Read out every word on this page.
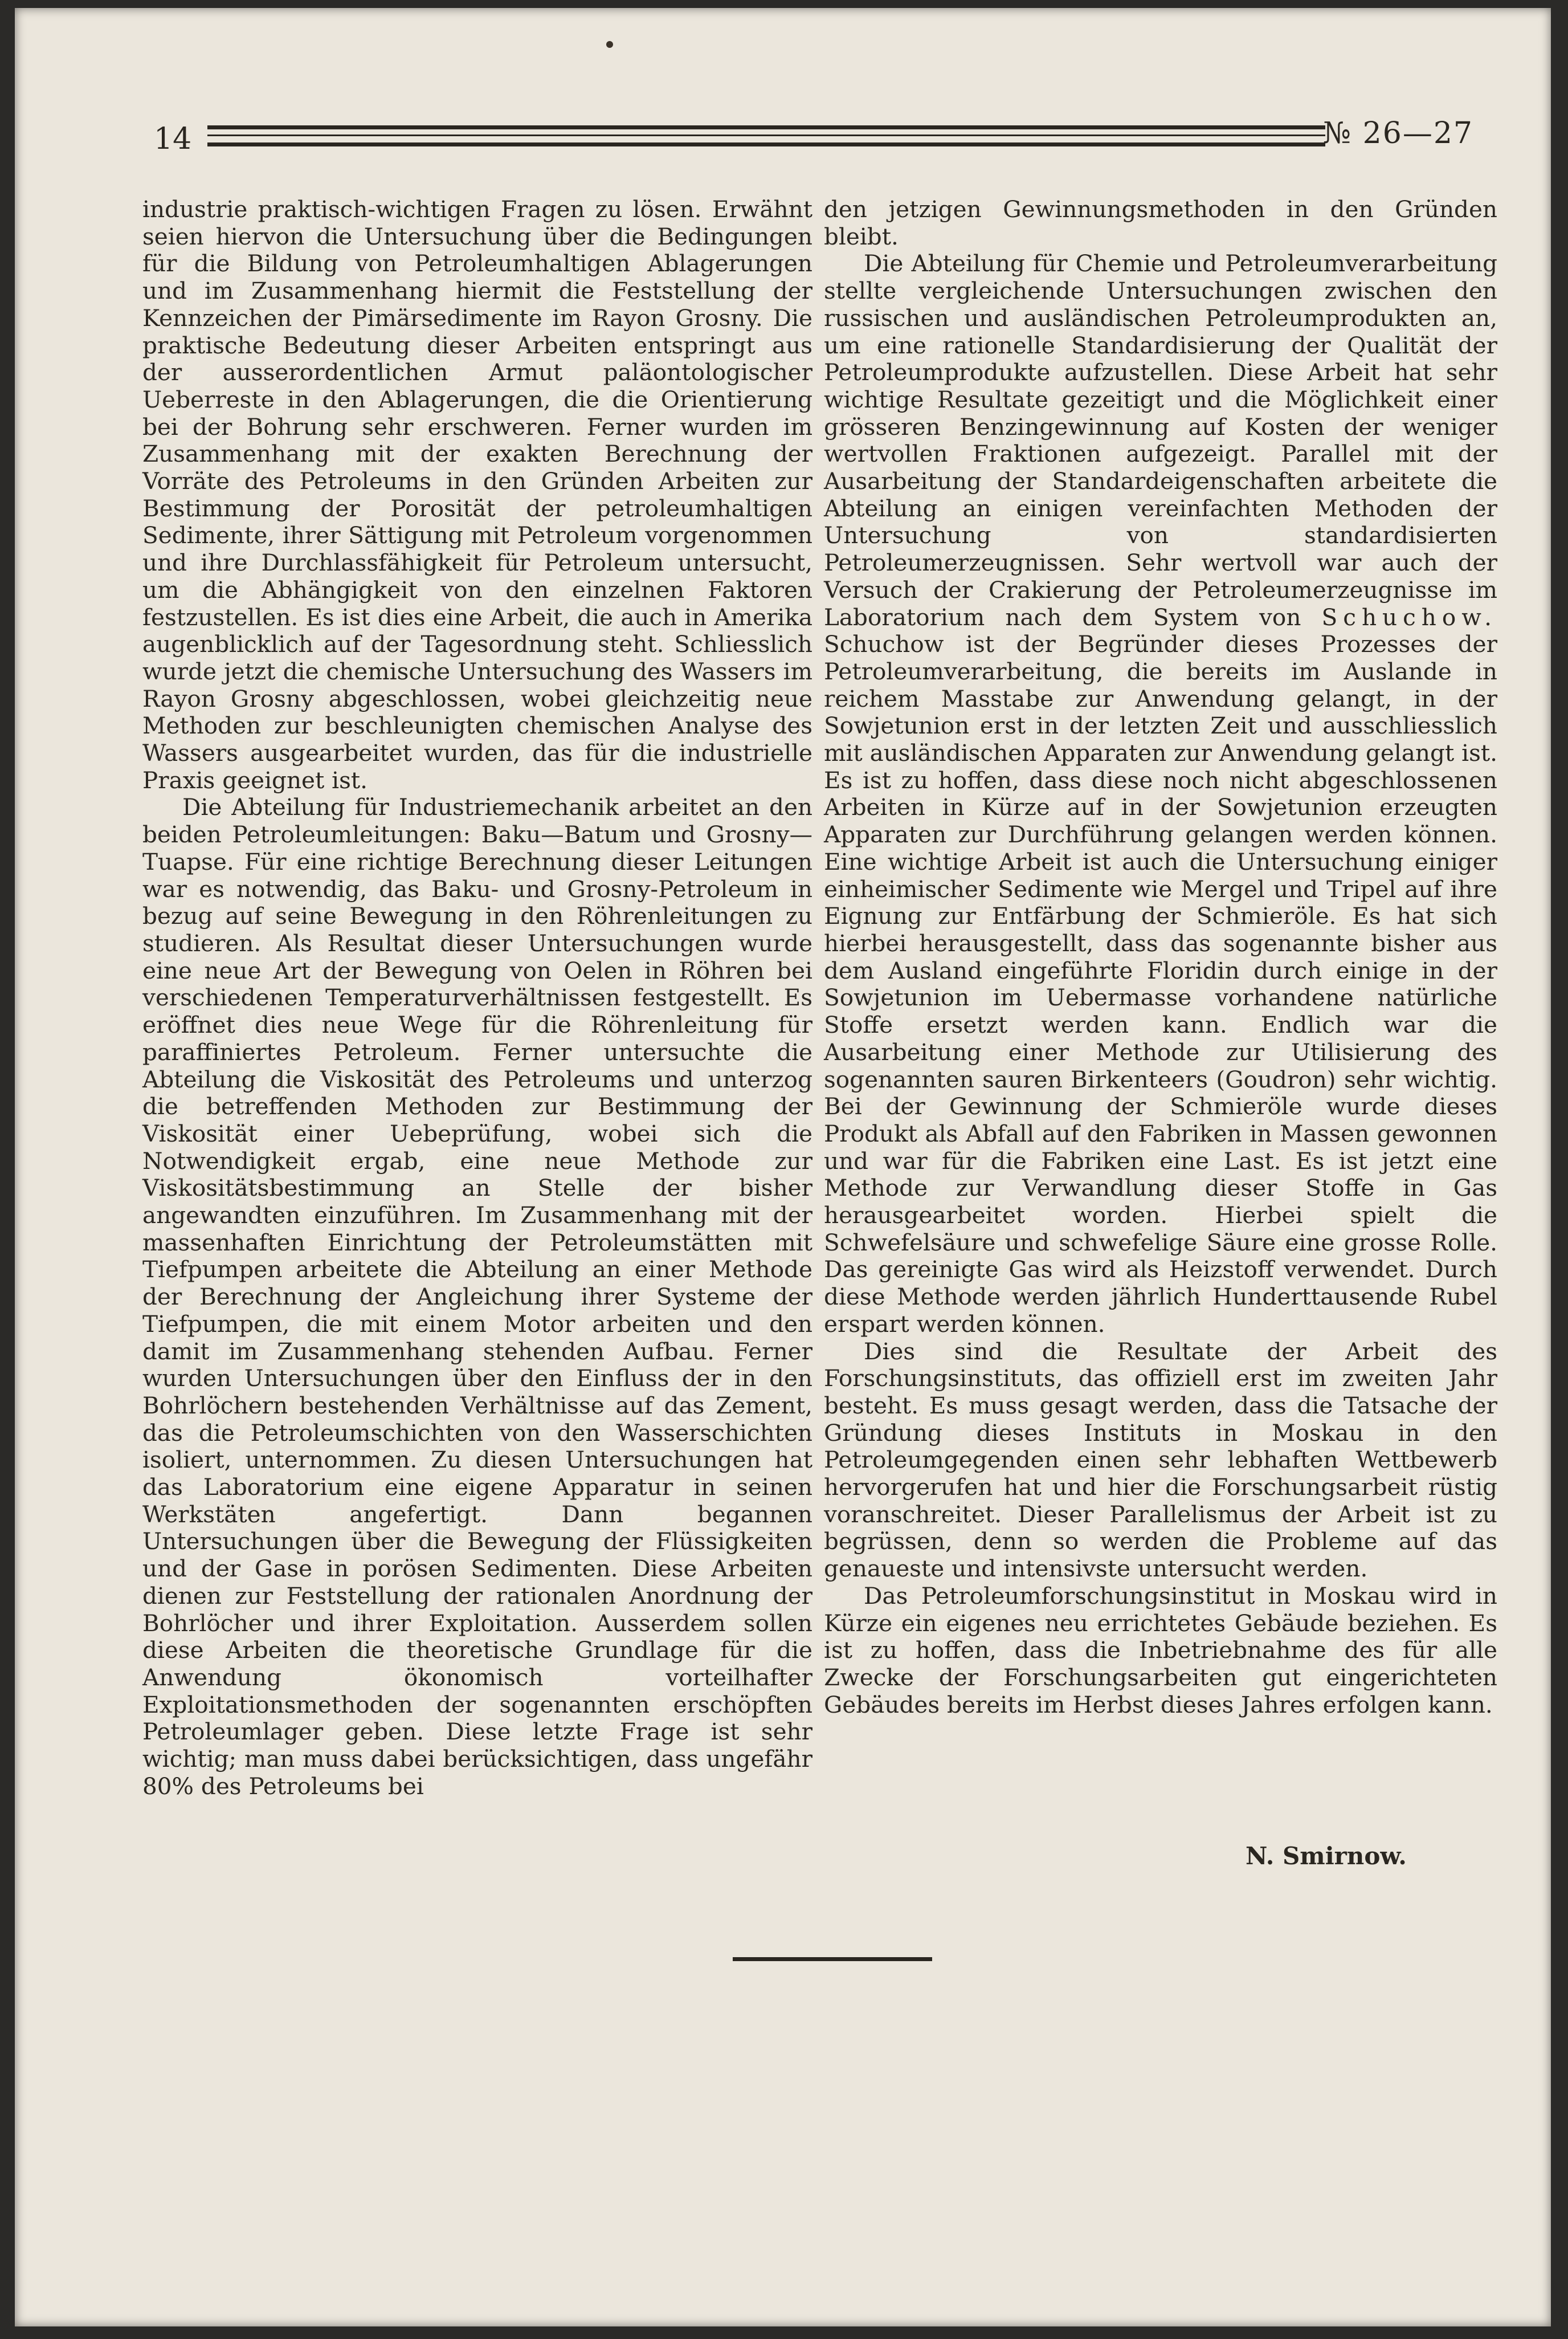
14	№ 26—27

industrie praktisch-wichtigen Fragen zu lösen. Erwähnt seien hiervon die Untersuchung über die Bedingungen für die Bildung von Petroleumhaltigen Ablagerungen und im Zusammenhang hiermit die Feststellung der Kennzeichen der Pimärsedimente im Rayon Grosny. Die praktische Bedeutung dieser Arbeiten entspringt aus der ausserordentlichen Armut paläontologischer Ueberreste in den Ablagerungen, die die Orientierung bei der Bohrung sehr erschweren. Ferner wurden im Zusammenhang mit der exakten Berechnung der Vorräte des Petroleums in den Gründen Arbeiten zur Bestimmung der Porosität der petroleumhaltigen Sedimente, ihrer Sättigung mit Petroleum vorgenommen und ihre Durchlassfähigkeit für Petroleum untersucht, um die Abhängigkeit von den einzelnen Faktoren festzustellen. Es ist dies eine Arbeit, die auch in Amerika augenblicklich auf der Tagesordnung steht. Schliesslich wurde jetzt die chemische Untersuchung des Wassers im Rayon Grosny abgeschlossen, wobei gleichzeitig neue Methoden zur beschleunigten chemischen Analyse des Wassers ausgearbeitet wurden, das für die industrielle Praxis geeignet ist.

Die Abteilung für Industriemechanik arbeitet an den beiden Petroleumleitungen: Baku—Batum und Grosny—Tuapse. Für eine richtige Berechnung dieser Leitungen war es notwendig, das Baku- und Grosny-Petroleum in bezug auf seine Bewegung in den Röhrenleitungen zu studieren. Als Resultat dieser Untersuchungen wurde eine neue Art der Bewegung von Oelen in Röhren bei verschiedenen Temperaturverhältnissen festgestellt. Es eröffnet dies neue Wege für die Röhrenleitung für paraffiniertes Petroleum. Ferner untersuchte die Abteilung die Viskosität des Petroleums und unterzog die betreffenden Methoden zur Bestimmung der Viskosität einer Uebeprüfung, wobei sich die Notwendigkeit ergab, eine neue Methode zur Viskositätsbestimmung an Stelle der bisher angewandten einzuführen. Im Zusammenhang mit der massenhaften Einrichtung der Petroleumstätten mit Tiefpumpen arbeitete die Abteilung an einer Methode der Berechnung der Angleichung ihrer Systeme der Tiefpumpen, die mit einem Motor arbeiten und den damit im Zusammenhang stehenden Aufbau. Ferner wurden Untersuchungen über den Einfluss der in den Bohrlöchern bestehenden Verhältnisse auf das Zement, das die Petroleumschichten von den Wasserschichten isoliert, unternommen. Zu diesen Untersuchungen hat das Laboratorium eine eigene Apparatur in seinen Werkstäten angefertigt. Dann begannen Untersuchungen über die Bewegung der Flüssigkeiten und der Gase in porösen Sedimenten. Diese Arbeiten dienen zur Feststellung der rationalen Anordnung der Bohrlöcher und ihrer Exploitation. Ausserdem sollen diese Arbeiten die theoretische Grundlage für die Anwendung ökonomisch vorteilhafter Exploitationsmethoden der sogenannten erschöpften Petroleumlager geben. Diese letzte Frage ist sehr wichtig; man muss dabei berücksichtigen, dass ungefähr 80% des Petroleums bei

den jetzigen Gewinnungsmethoden in den Gründen bleibt.

Die Abteilung für Chemie und Petroleumverarbeitung stellte vergleichende Untersuchungen zwischen den russischen und ausländischen Petroleumprodukten an, um eine rationelle Standardisierung der Qualität der Petroleumprodukte aufzustellen. Diese Arbeit hat sehr wichtige Resultate gezeitigt und die Möglichkeit einer grösseren Benzingewinnung auf Kosten der weniger wertvollen Fraktionen aufgezeigt. Parallel mit der Ausarbeitung der Standardeigenschaften arbeitete die Abteilung an einigen vereinfachten Methoden der Untersuchung von standardisierten Petroleumerzeugnissen. Sehr wertvoll war auch der Versuch der Crakierung der Petroleumerzeugnisse im Laboratorium nach dem System von Schuchow. Schuchow ist der Begründer dieses Prozesses der Petroleumverarbeitung, die bereits im Auslande in reichem Masstabe zur Anwendung gelangt, in der Sowjetunion erst in der letzten Zeit und ausschliesslich mit ausländischen Apparaten zur Anwendung gelangt ist. Es ist zu hoffen, dass diese noch nicht abgeschlossenen Arbeiten in Kürze auf in der Sowjetunion erzeugten Apparaten zur Durchführung gelangen werden können. Eine wichtige Arbeit ist auch die Untersuchung einiger einheimischer Sedimente wie Mergel und Tripel auf ihre Eignung zur Entfärbung der Schmieröle. Es hat sich hierbei herausgestellt, dass das sogenannte bisher aus dem Ausland eingeführte Floridin durch einige in der Sowjetunion im Uebermasse vorhandene natürliche Stoffe ersetzt werden kann. Endlich war die Ausarbeitung einer Methode zur Utilisierung des sogenannten sauren Birkenteers (Goudron) sehr wichtig. Bei der Gewinnung der Schmieröle wurde dieses Produkt als Abfall auf den Fabriken in Massen gewonnen und war für die Fabriken eine Last. Es ist jetzt eine Methode zur Verwandlung dieser Stoffe in Gas herausgearbeitet worden. Hierbei spielt die Schwefelsäure und schwefelige Säure eine grosse Rolle. Das gereinigte Gas wird als Heizstoff verwendet. Durch diese Methode werden jährlich Hunderttausende Rubel erspart werden können.

Dies sind die Resultate der Arbeit des Forschungsinstituts, das offiziell erst im zweiten Jahr besteht. Es muss gesagt werden, dass die Tatsache der Gründung dieses Instituts in Moskau in den Petroleumgegenden einen sehr lebhaften Wettbewerb hervorgerufen hat und hier die Forschungsarbeit rüstig voranschreitet. Dieser Parallelismus der Arbeit ist zu begrüssen, denn so werden die Probleme auf das genaueste und intensivste untersucht werden.

Das Petroleumforschungsinstitut in Moskau wird in Kürze ein eigenes neu errichtetes Gebäude beziehen. Es ist zu hoffen, dass die Inbetriebnahme des für alle Zwecke der Forschungsarbeiten gut eingerichteten Gebäudes bereits im Herbst dieses Jahres erfolgen kann.

N. Smirnow.
